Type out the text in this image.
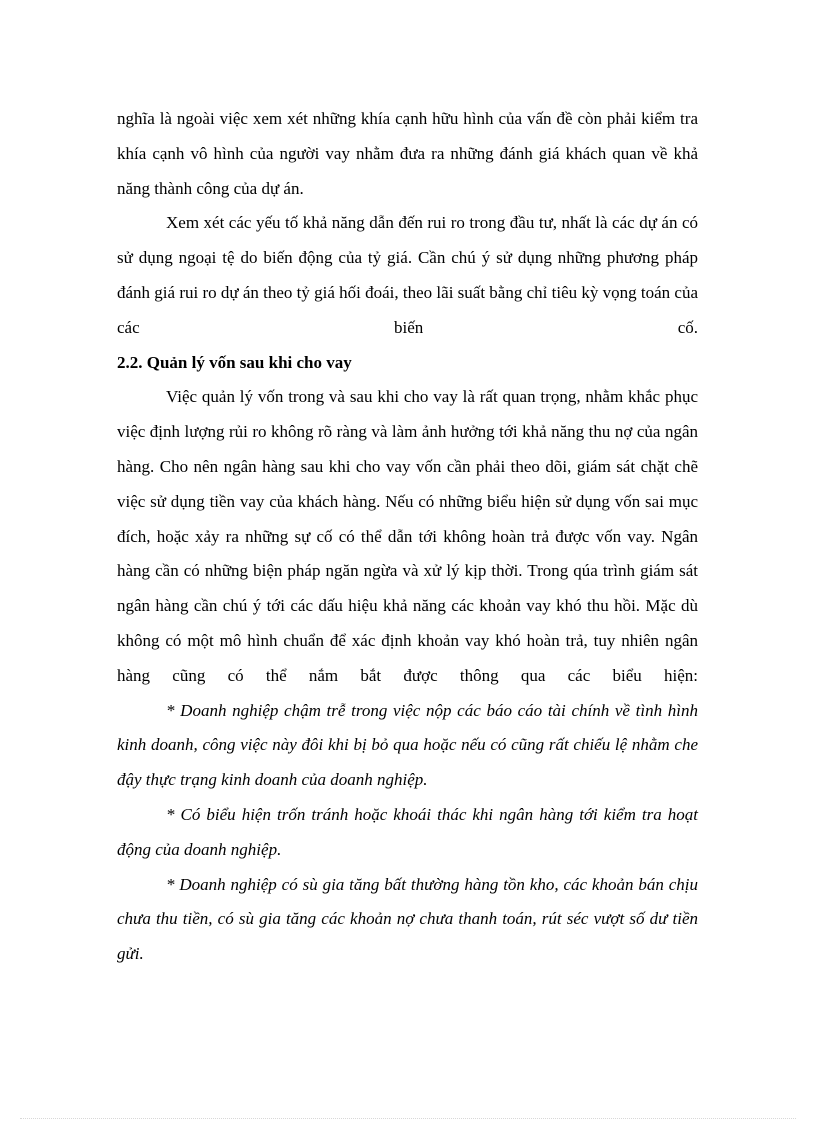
nghĩa là ngoài việc xem xét những khía cạnh hữu hình của vấn đề còn phải kiểm tra khía cạnh vô hình của người vay nhằm đưa ra những đánh giá khách quan về khả năng thành công của dự án.

Xem xét các yếu tố khả năng dẫn đến rui ro trong đầu tư, nhất là các dự án có sử dụng ngoại tệ do biến động của tỷ giá. Cần chú ý sử dụng những phương pháp đánh giá rui ro dự án theo tỷ giá hối đoái, theo lãi suất bằng chỉ tiêu kỳ vọng toán của các biến cố.

2.2. Quản lý vốn sau khi cho vay

Việc quản lý vốn trong và sau khi cho vay là rất quan trọng, nhằm khắc phục việc định lượng rủi ro không rõ ràng và làm ảnh hưởng tới khả năng thu nợ của ngân hàng. Cho nên ngân hàng sau khi cho vay vốn cần phải theo dõi, giám sát chặt chẽ việc sử dụng tiền vay của khách hàng. Nếu có những biểu hiện sử dụng vốn sai mục đích, hoặc xảy ra những sự cố có thể dẫn tới không hoàn trả được vốn vay. Ngân hàng cần có những biện pháp ngăn ngừa và xử lý kịp thời. Trong qúa trình giám sát ngân hàng cần chú ý tới các dấu hiệu khả năng các khoản vay khó thu hồi. Mặc dù không có một mô hình chuẩn để xác định khoản vay khó hoàn trả, tuy nhiên ngân hàng cũng có thể nắm bắt được thông qua các biểu hiện:

* Doanh nghiệp chậm trễ trong việc nộp các báo cáo tài chính về tình hình kinh doanh, công việc này đôi khi bị bỏ qua hoặc nếu có cũng rất chiếu lệ nhằm che đậy thực trạng kinh doanh của doanh nghiệp.

* Có biểu hiện trốn tránh hoặc khoái thác khi ngân hàng tới kiểm tra hoạt động của doanh nghiệp.

* Doanh nghiệp có sù gia tăng bất thường hàng tồn kho, các khoản bán chịu chưa thu tiền, có sù gia tăng các khoản nợ chưa thanh toán, rút séc vượt số dư tiền gửi.
